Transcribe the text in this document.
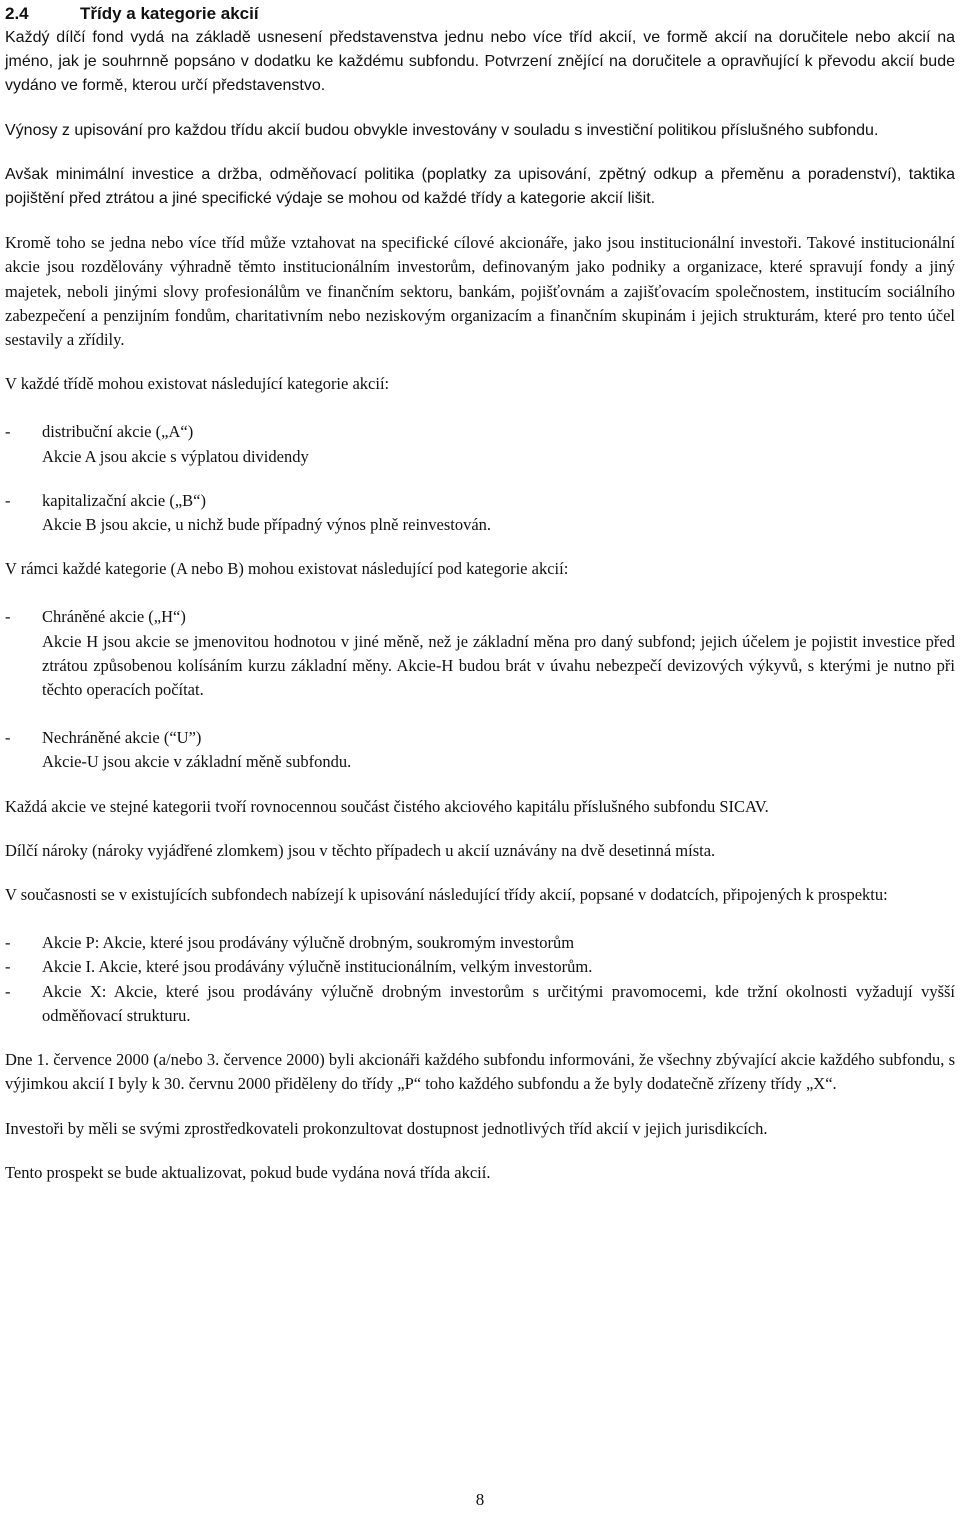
2.4	Třídy a kategorie akcií

Každý dílčí fond vydá na základě usnesení představenstva jednu nebo více tříd akcií, ve formě akcií na doručitele nebo akcií na jméno, jak je souhrnně popsáno v dodatku ke každému subfondu. Potvrzení znějící na doručitele a opravňující k převodu akcií bude vydáno ve formě, kterou určí představenstvo.

Výnosy z upisování pro každou třídu akcií budou obvykle investovány v souladu s investiční politikou příslušného subfondu.

Avšak minimální investice a držba, odměňovací politika (poplatky za upisování, zpětný odkup a přeměnu a poradenství), taktika pojištění před ztrátou a jiné specifické výdaje se mohou od každé třídy a kategorie akcií lišit.

Kromě toho se jedna nebo více tříd může vztahovat na specifické cílové akcionáře, jako jsou institucionální investoři. Takové institucionální akcie jsou rozdělovány výhradně těmto institucionálním investorům, definovaným jako podniky a organizace, které spravují fondy a jiný majetek, neboli jinými slovy profesionálům ve finančním sektoru, bankám, pojišťovnám a zajišťovacím společnostem, institucím sociálního zabezpečení a penzijním fondům, charitativním nebo neziskovým organizacím a finančním skupinám i jejich strukturám, které pro tento účel sestavily a zřídily.

V každé třídě mohou existovat následující kategorie akcií:

-	distribuční akcie („A“)

Akcie A jsou akcie s výplatou dividendy

-	kapitalizační akcie („B“)

Akcie B jsou akcie, u nichž bude případný výnos plně reinvestován.

V rámci každé kategorie (A nebo B) mohou existovat následující pod kategorie akcií:

-	Chráněné akcie („H“)

Akcie H jsou akcie se jmenovitou hodnotou v jiné měně, než je základní měna pro daný subfond; jejich účelem je pojistit investice před ztrátou způsobenou kolísáním kurzu základní měny. Akcie-H budou brát v úvahu nebezpečí devizových výkyvů, s kterými je nutno při těchto operacích počítat.

-	Nechráněné akcie (“U”)

Akcie-U jsou akcie v základní měně subfondu.

Každá akcie ve stejné kategorii tvoří rovnocennou součást čistého akciového kapitálu příslušného subfondu SICAV.

Dílčí nároky (nároky vyjádřené zlomkem) jsou v těchto případech u akcií uznávány na dvě desetinná místa.

V současnosti se v existujících subfondech nabízejí k upisování následující třídy akcií, popsané v dodatcích, připojených k prospektu:

-	Akcie P: Akcie, které jsou prodávány výlučně drobným, soukromým investorům
-	Akcie I. Akcie, které jsou prodávány výlučně institucionálním, velkým investorům.
-	Akcie X: Akcie, které jsou prodávány výlučně drobným investorům s určitými pravomocemi, kde tržní okolnosti vyžadují vyšší odměňovací strukturu.

Dne 1. července 2000 (a/nebo 3. července 2000) byli akcionáři každého subfondu informováni, že všechny zbývající akcie každého subfondu, s výjimkou akcií I byly k 30. červnu 2000 přiděleny do třídy „P“ toho každého subfondu a že byly dodatečně zřízeny třídy „X“.

Investoři by měli se svými zprostředkovateli prokonzultovat dostupnost jednotlivých tříd akcií v jejich jurisdikcích.

Tento prospekt se bude aktualizovat, pokud bude vydána nová třída akcií.

8
